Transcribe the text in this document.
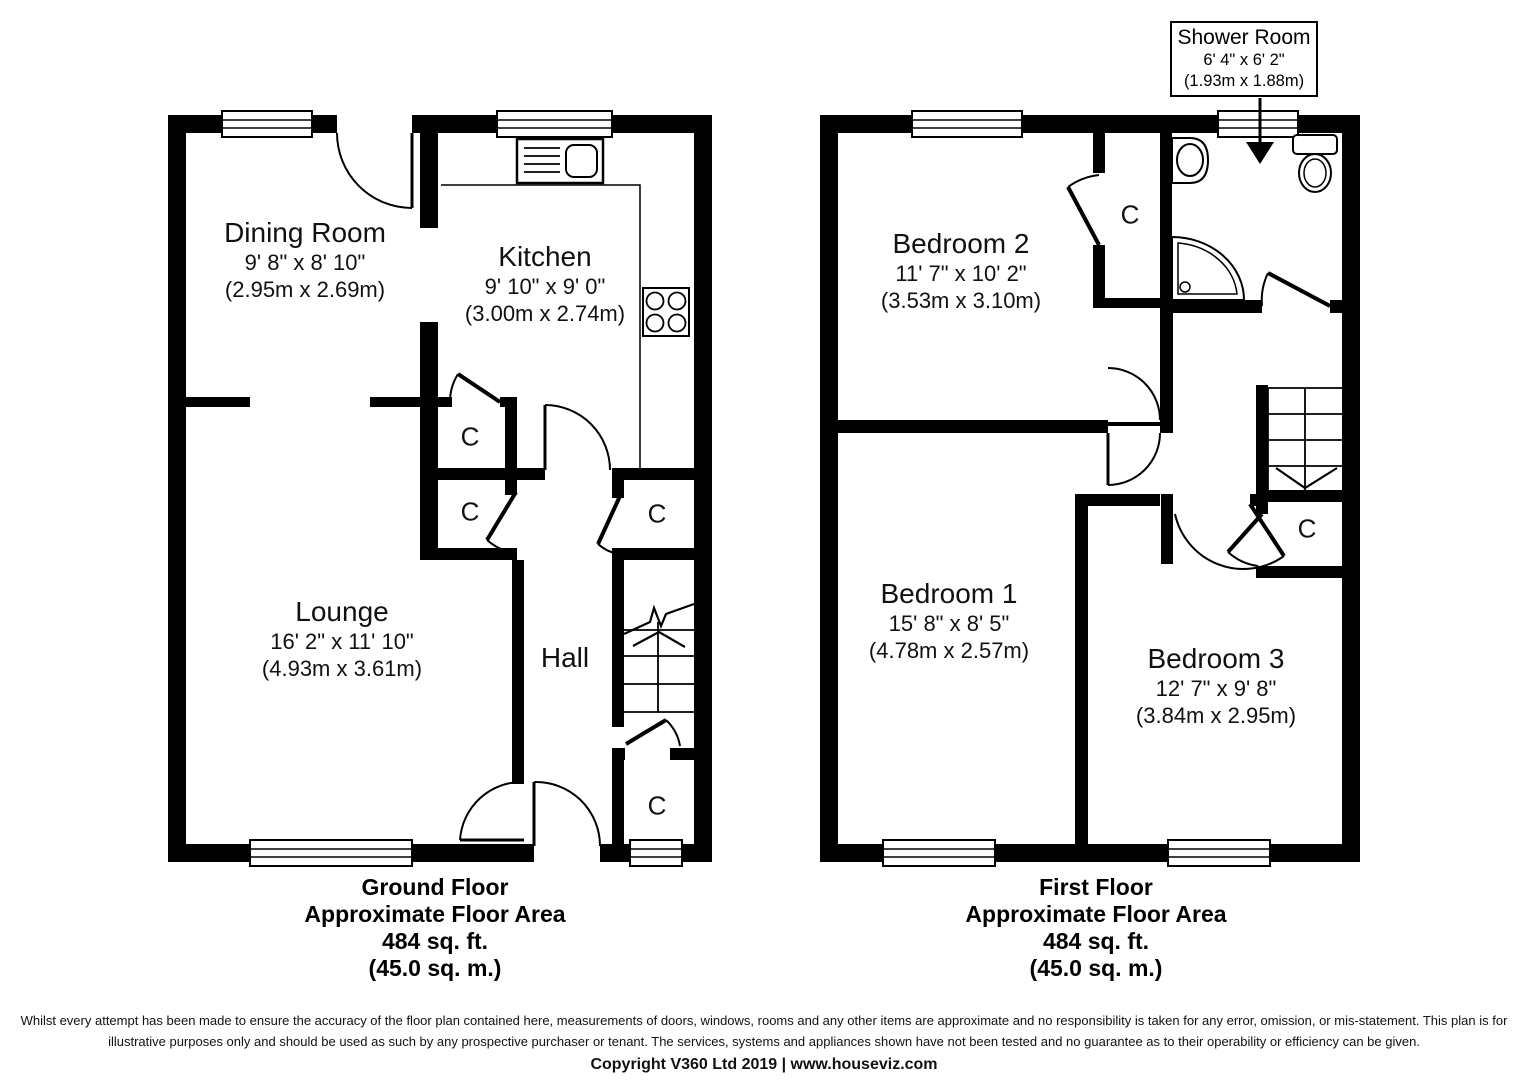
Dining Room
9' 8" x 8' 10"
(2.95m x 2.69m)
Kitchen
9' 10" x 9' 0"
(3.00m x 2.74m)
Lounge
16' 2" x 11' 10"
(4.93m x 3.61m)	Hall
C
C	C
C
Bedroom 2
11' 7" x 10' 2"
(3.53m x 3.10m)
Bedroom 1
15' 8" x 8' 5"
(4.78m x 2.57m)	Bedroom 3
12' 7" x 9' 8"
(3.84m x 2.95m)
C
C
Shower Room
6' 4" x 6' 2"
(1.93m x 1.88m)
Ground Floor
Approximate Floor Area
484 sq. ft.
(45.0 sq. m.)
First Floor
Approximate Floor Area
484 sq. ft.
(45.0 sq. m.)
Whilst every attempt has been made to ensure the accuracy of the floor plan contained here, measurements of doors, windows, rooms and any other items are approximate and no responsibility is taken for any error, omission, or mis-statement. This plan is for
illustrative purposes only and should be used as such by any prospective purchaser or tenant. The services, systems and appliances shown have not been tested and no guarantee as to their operability or efficiency can be given.
Copyright V360 Ltd 2019 | www.houseviz.com
